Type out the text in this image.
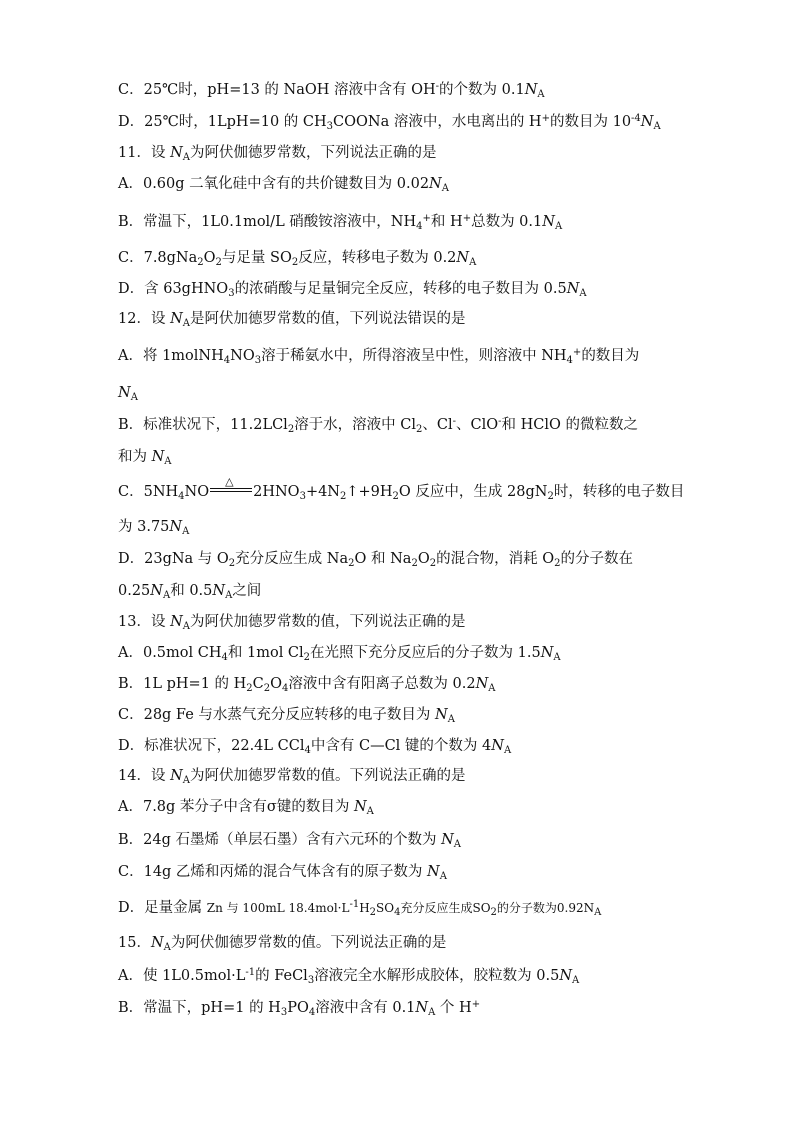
C．25℃时，pH=13 的 NaOH 溶液中含有 OH-的个数为 $0.1N_A$
D．25℃时，1LpH=10 的 $CH_3COONa$ 溶液中，水电离出的 H+的数目为 $10^{-4}N_A$
11．设 $N_A$为阿伏伽德罗常数，下列说法正确的是
A．0.60g 二氧化硅中含有的共价键数目为 $0.02N_A$
B．常温下，1L0.1mol/L 硝酸铵溶液中，$NH_4^+$和 H+总数为 $0.1N_A$
C．$7.8gNa_2O_2$与足量 $SO_2$反应，转移电子数为 $0.2N_A$
D．含 63gHNO$_3$的浓硝酸与足量铜完全反应，转移的电子数目为 $0.5N_A$
12．设 $N_A$是阿伏加德罗常数的值，下列说法错误的是
A．将 $1molNH_4NO_3$溶于稀氨水中，所得溶液呈中性，则溶液中 $NH_4^+$的数目为
$N_A$
B．标准状况下，11.2LCl$_2$溶于水，溶液中 $Cl_2$、Cl-、ClO-和 HClO 的微粒数之
和为 $N_A$
C．$5NH_4NO$
△
$2HNO_3+4N_2↑+9H_2O$ 反应中，生成 $28gN_2$时，转移的电子数目
为 $3.75N_A$
D．23gNa 与 $O_2$充分反应生成 $Na_2O$ 和 $Na_2O_2$的混合物，消耗 $O_2$的分子数在
$0.25N_A$和 $0.5N_A$之间
13．设 $N_A$为阿伏加德罗常数的值，下列说法正确的是
A．0.5mol $CH_4$和 1mol $Cl_2$在光照下充分反应后的分子数为 $1.5N_A$
B．1L pH=1 的 $H_2C_2O_4$溶液中含有阳离子总数为 $0.2N_A$
C．28g Fe 与水蒸气充分反应转移的电子数目为 $N_A$
D．标准状况下，22.4L CCl$_4$中含有 C—Cl 键的个数为 $4N_A$
14．设 $N_A$为阿伏加德罗常数的值。下列说法正确的是
A．7.8g 苯分子中含有σ键的数目为 $N_A$
B．24g 石墨烯（单层石墨）含有六元环的个数为 $N_A$
C．14g 乙烯和丙烯的混合气体含有的原子数为 $N_A$
D．足量金属 Zn 与 100mL $18.4mol\cdot L^{-1}H_2SO_4$充分反应生成$SO_2$的分子数为$0.92N_A$
15．$N_A$为阿伏伽德罗常数的值。下列说法正确的是
A．使 $1L0.5mol\cdot L^{-1}$的 FeCl$_3$溶液完全水解形成胶体，胶粒数为 $0.5N_A$
B．常温下，pH=1 的 $H_3PO_4$溶液中含有 $0.1N_A$ 个 H+
